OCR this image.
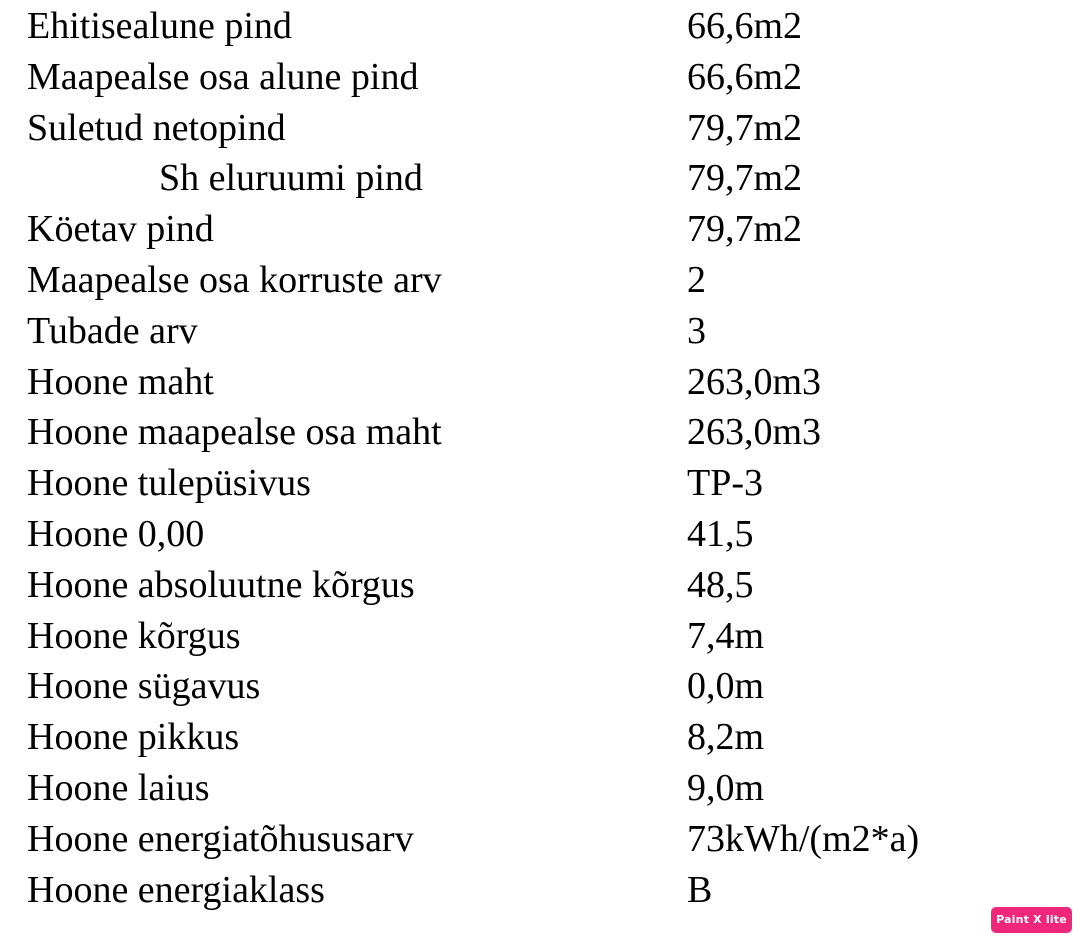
Ehitisealune pind	66,6m2
Maapealse osa alune pind	66,6m2
Suletud netopind	79,7m2
Sh eluruumi pind	79,7m2
Köetav pind	79,7m2
Maapealse osa korruste arv	2
Tubade arv	3
Hoone maht	263,0m3
Hoone maapealse osa maht	263,0m3
Hoone tulepüsivus	TP-3
Hoone 0,00	41,5
Hoone absoluutne kõrgus	48,5
Hoone kõrgus	7,4m
Hoone sügavus	0,0m
Hoone pikkus	8,2m
Hoone laius	9,0m
Hoone energiatõhususarv	73kWh/(m2*a)
Hoone energiaklass	B
Paint X lite
